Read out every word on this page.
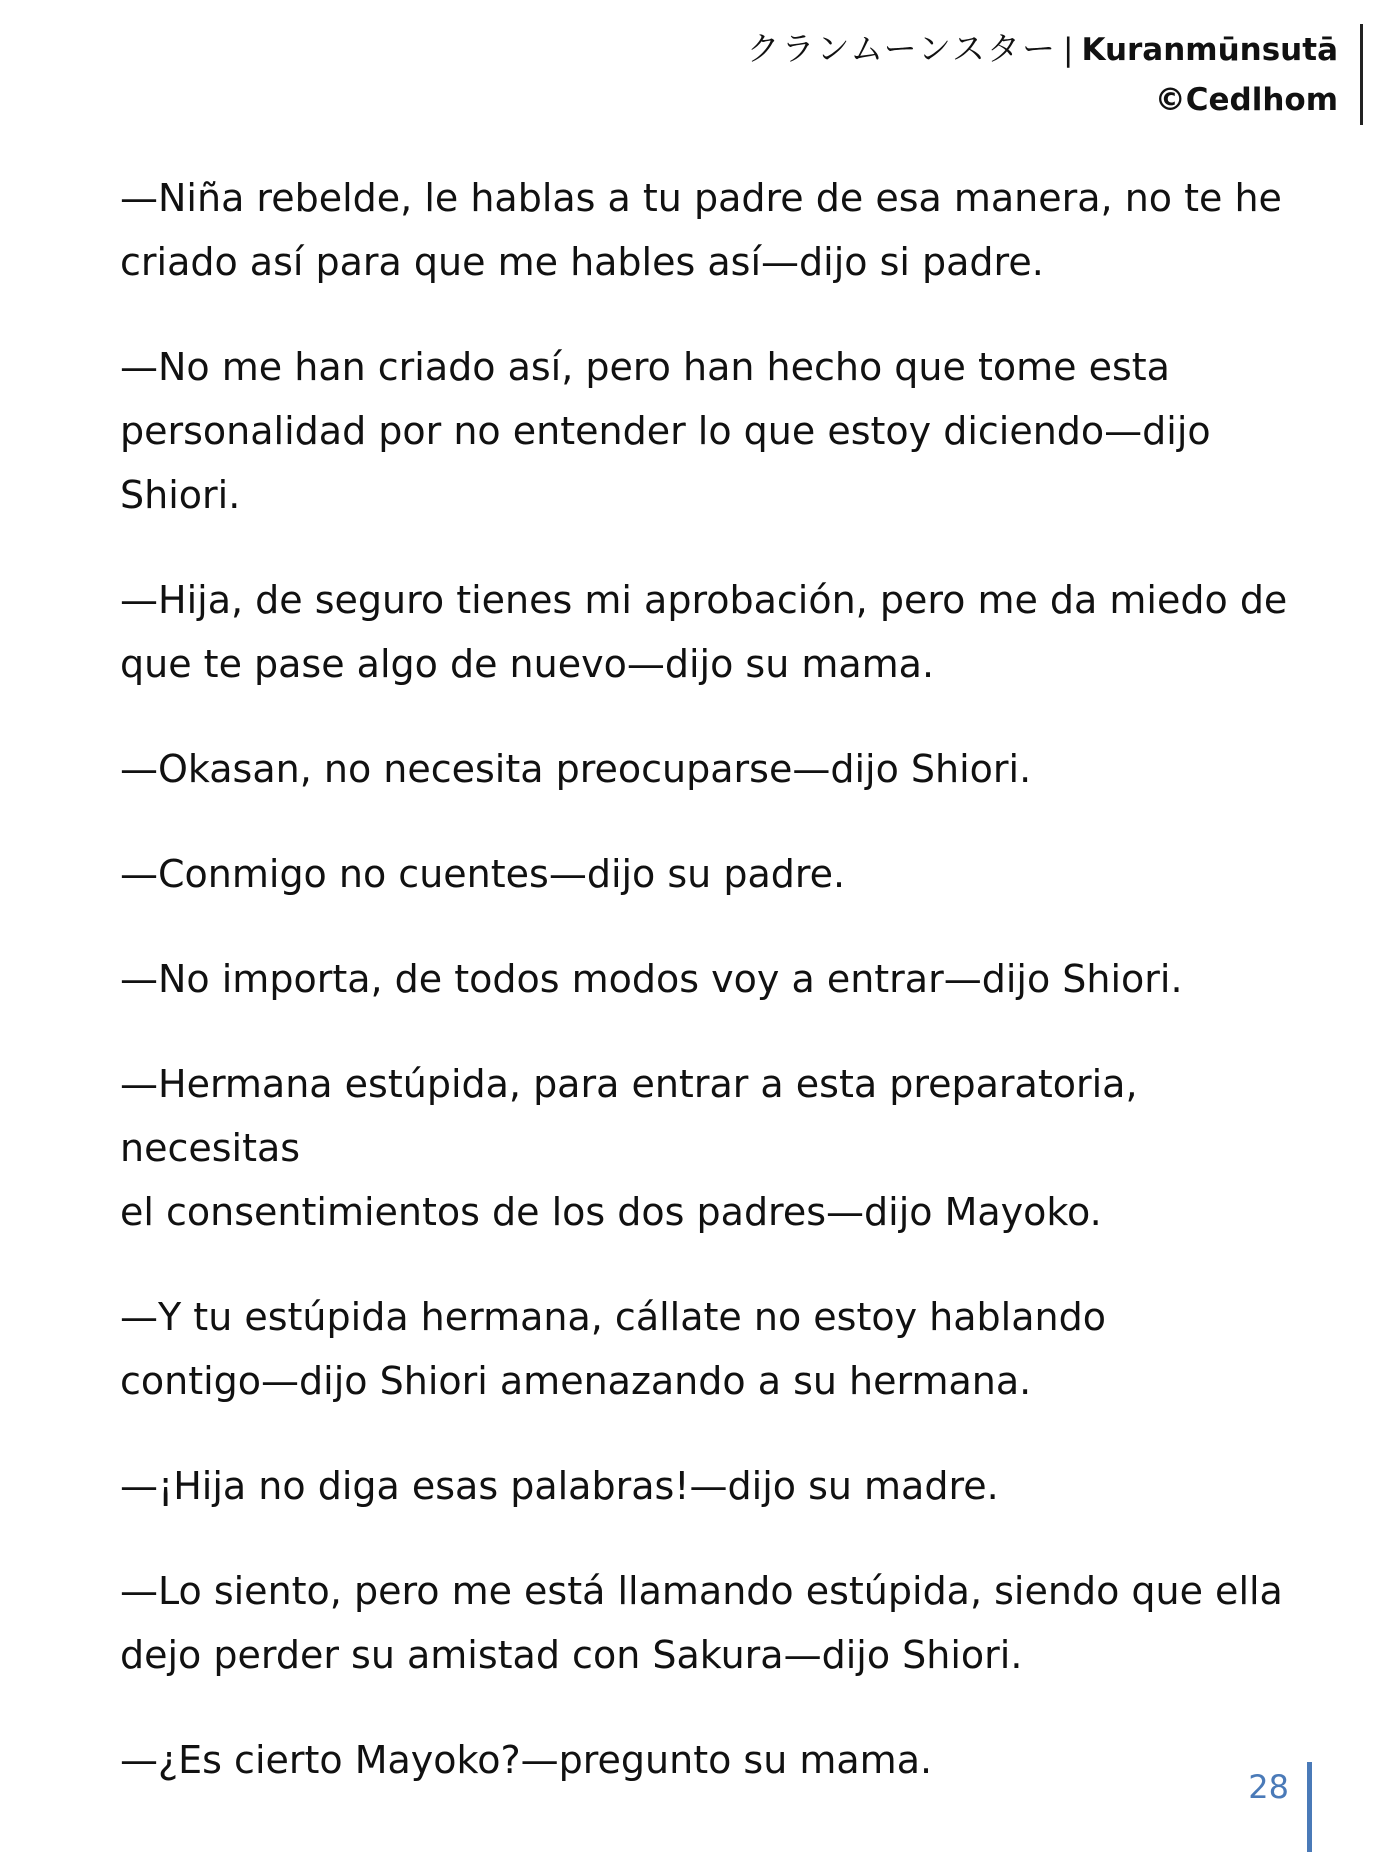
クランムーンスター | Kuranmūnsutā
©Cedlhom

—Niña rebelde, le hablas a tu padre de esa manera, no te he
criado así para que me hables así—dijo si padre.

—No me han criado así, pero han hecho que tome esta
personalidad por no entender lo que estoy diciendo—dijo
Shiori.

—Hija, de seguro tienes mi aprobación, pero me da miedo de
que te pase algo de nuevo—dijo su mama.

—Okasan, no necesita preocuparse—dijo Shiori.

—Conmigo no cuentes—dijo su padre.

—No importa, de todos modos voy a entrar—dijo Shiori.

—Hermana estúpida, para entrar a esta preparatoria, necesitas
el consentimientos de los dos padres—dijo Mayoko.

—Y tu estúpida hermana, cállate no estoy hablando
contigo—dijo Shiori amenazando a su hermana.

—¡Hija no diga esas palabras!—dijo su madre.

—Lo siento, pero me está llamando estúpida, siendo que ella
dejo perder su amistad con Sakura—dijo Shiori.

—¿Es cierto Mayoko?—pregunto su mama.

28
